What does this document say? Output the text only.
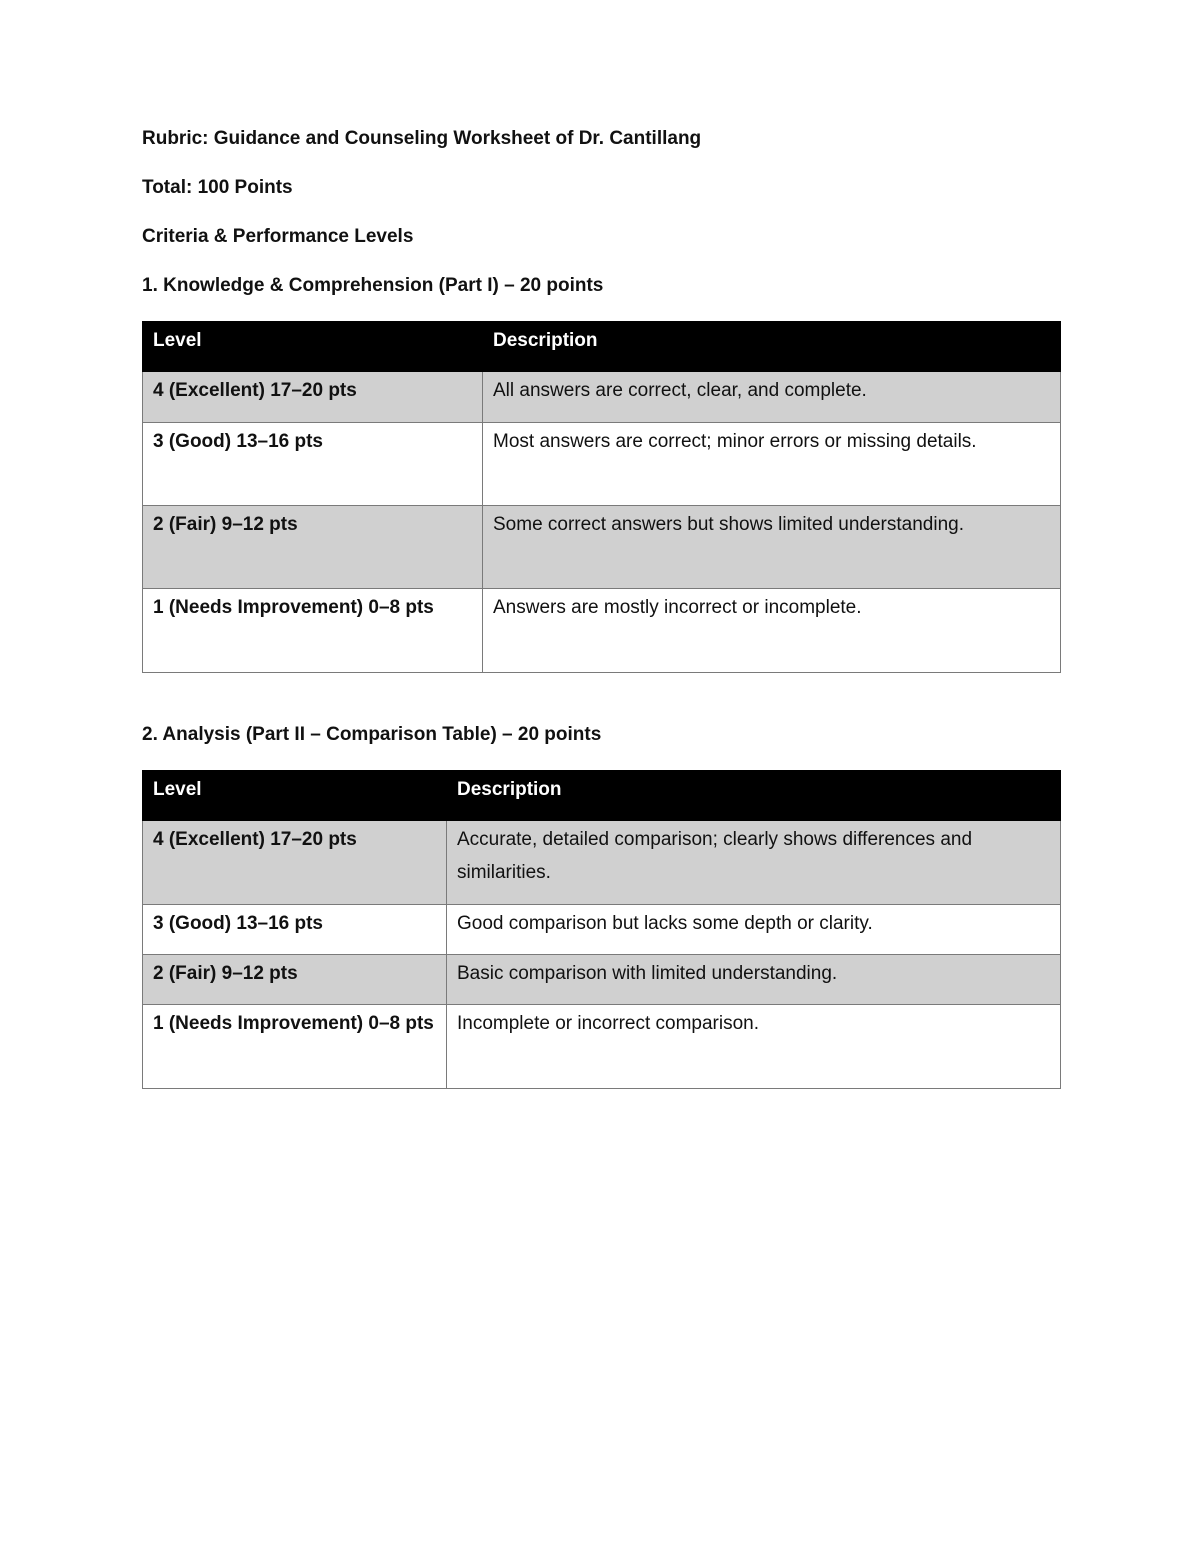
Rubric: Guidance and Counseling Worksheet of Dr. Cantillang

Total: 100 Points

Criteria & Performance Levels

1. Knowledge & Comprehension (Part I) – 20 points

Level	Description
4 (Excellent) 17–20 pts	All answers are correct, clear, and complete.
3 (Good) 13–16 pts	Most answers are correct; minor errors or missing details.
2 (Fair) 9–12 pts	Some correct answers but shows limited understanding.
1 (Needs Improvement) 0–8 pts	Answers are mostly incorrect or incomplete.

2. Analysis (Part II – Comparison Table) – 20 points

Level	Description
4 (Excellent) 17–20 pts	Accurate, detailed comparison; clearly shows differences and similarities.
3 (Good) 13–16 pts	Good comparison but lacks some depth or clarity.
2 (Fair) 9–12 pts	Basic comparison with limited understanding.
1 (Needs Improvement) 0–8 pts	Incomplete or incorrect comparison.
